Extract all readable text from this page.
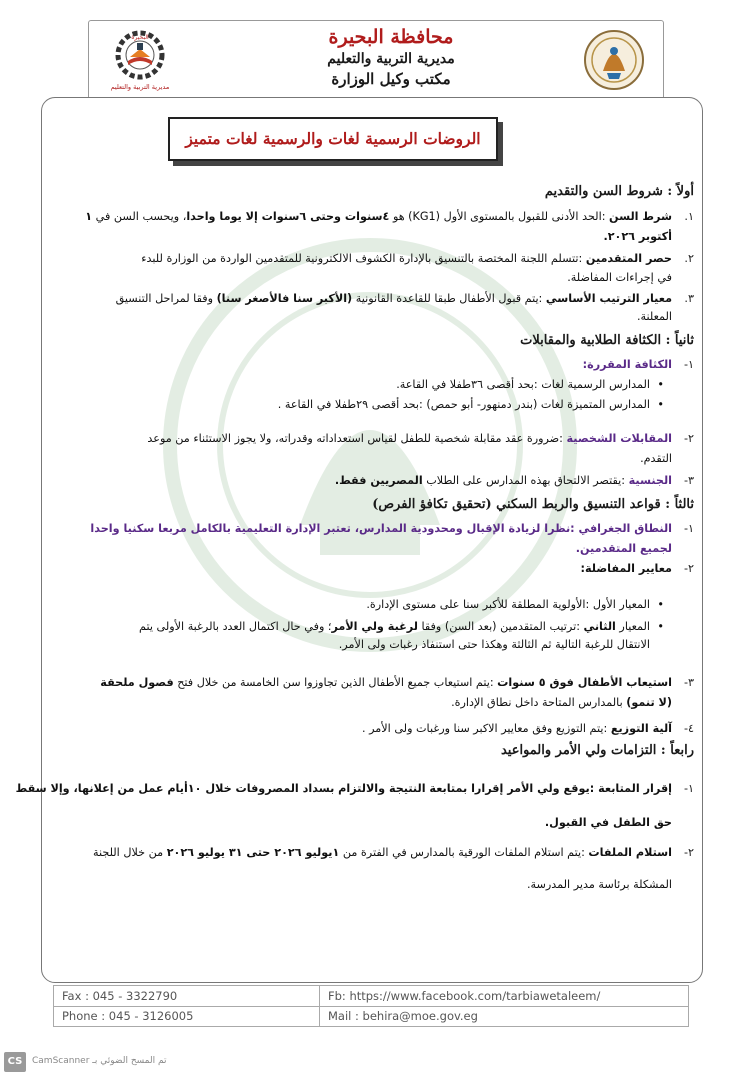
البحيرة
مديرية التربية والتعليم
محافظة البحيرة
مديرية التربية والتعليم
مكتب وكيل الوزارة
الروضات الرسمية لغات والرسمية لغات متميز
أولاً : شروط السن والتقديم
١.شرط السن :الحد الأدنى للقبول بالمستوى الأول (KG1) هو ٤سنوات وحتى ٦سنوات إلا يوما واحدا، ويحسب السن في ١
أكتوبر ٢٠٢٦.
٢.حصر المتقدمين :تتسلم اللجنة المختصة بالتنسيق بالإدارة الكشوف الالكترونية للمتقدمين الواردة من الوزارة للبدء
في إجراءات المفاضلة.
٣.معيار الترتيب الأساسي :يتم قبول الأطفال طبقا للقاعدة القانونية (الأكبر سنا فالأصغر سنا) وفقا لمراحل التنسيق
المعلنة.
ثانياً : الكثافة الطلابية والمقابلات
١-الكثافة المقررة:
•المدارس الرسمية لغات :بحد أقصى ٣٦طفلا في القاعة.
•المدارس المتميزة لغات (بندر دمنهور- أبو حمص) :بحد أقصى ٢٩طفلا في القاعة .
٢-المقابلات الشخصية :ضرورة عقد مقابلة شخصية للطفل لقياس استعداداته وقدراته، ولا يجوز الاستثناء من موعد
التقدم.
٣-الجنسية :يقتصر الالتحاق بهذه المدارس على الطلاب المصريين فقط.
ثالثاً : قواعد التنسيق والربط السكني (تحقيق تكافؤ الفرص)
١-النطاق الجغرافي :نظرا لزيادة الإقبال ومحدودية المدارس، تعتبر الإدارة التعليمية بالكامل مربعا سكنيا واحدا
لجميع المتقدمين.
٢-معايير المفاضلة:
•المعيار الأول :الأولوية المطلقة للأكبر سنا على مستوى الإدارة.
•المعيار الثاني :ترتيب المتقدمين (بعد السن) وفقا لرغبة ولي الأمر؛ وفي حال اكتمال العدد بالرغبة الأولى يتم
الانتقال للرغبة التالية ثم الثالثة وهكذا حتى استنفاذ رغبات ولى الأمر.
٣-استيعاب الأطفال فوق ٥ سنوات :يتم استيعاب جميع الأطفال الذين تجاوزوا سن الخامسة من خلال فتح فصول ملحقة
(لا تنمو) بالمدارس المتاحة داخل نطاق الإدارة.
٤-آلية التوزيع :يتم التوزيع وفق معايير الاكبر سنا ورغبات ولى الأمر .
رابعاً : التزامات ولي الأمر والمواعيد
١-إقرار المتابعة :يوقع ولي الأمر إقرارا بمتابعة النتيجة والالتزام بسداد المصروفات خلال ١٠أيام عمل من إعلانها، وإلا سقط
حق الطفل في القبول.
٢-استلام الملفات :يتم استلام الملفات الورقية بالمدارس في الفترة من ١يوليو ٢٠٢٦ حتى ٣١ يوليو ٢٠٢٦ من خلال اللجنة
المشكلة برئاسة مدير المدرسة.
Fax : 045 - 3322790
Phone : 045 - 3126005
Fb: https://www.facebook.com/tarbiawetaleem/
Mail : behira@moe.gov.eg
CS	تم المسح الضوئي بـ CamScanner
